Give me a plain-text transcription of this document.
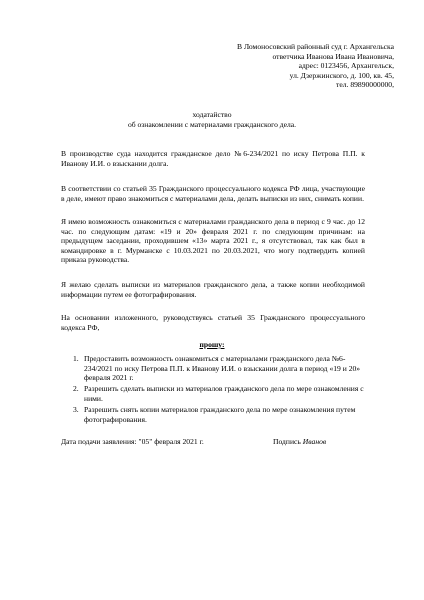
В Ломоносовский районный суд г. Архангельска
ответчика Иванова Ивана Ивановича,
адрес: 0123456, Архангельск,
ул. Дзержинского, д. 100, кв. 45,
тел. 89890000000,
ходатайство
об ознакомлении с материалами гражданского дела.
В производстве суда находится гражданское дело №6-234/2021 по иску Петрова П.П. к Иванову И.И. о взыскании долга.
В соответствии со статьей 35 Гражданского процессуального кодекса РФ лица, участвующие в деле, имеют право знакомиться с материалами дела, делать выписки из них, снимать копии.
Я имею возможность ознакомиться с материалами гражданского дела в период с 9 час. до 12 час. по следующим датам: «19 и 20» февраля 2021 г. по следующим причинам: на предыдущем заседании, проходившем «13» марта 2021 г., я отсутствовал, так как был в командировке в г. Мурманске с 10.03.2021 по 20.03.2021, что могу подтвердить копией приказа руководства.
Я желаю сделать выписки из материалов гражданского дела, а также копии необходимой информации путем ее фотографирования.
На основании изложенного, руководствуясь статьей 35 Гражданского процессуального кодекса РФ,
прошу:
1. Предоставить возможность ознакомиться с материалами гражданского дела №6-234/2021 по иску Петрова П.П. к Иванову И.И. о взыскании долга в период «19 и 20» февраля 2021 г.
2. Разрешить сделать выписки из материалов гражданского дела по мере ознакомления с ними.
3. Разрешить снять копии материалов гражданского дела по мере ознакомления путем фотографирования.
Дата подачи заявления: "05" февраля 2021 г.	Подпись Иванов
